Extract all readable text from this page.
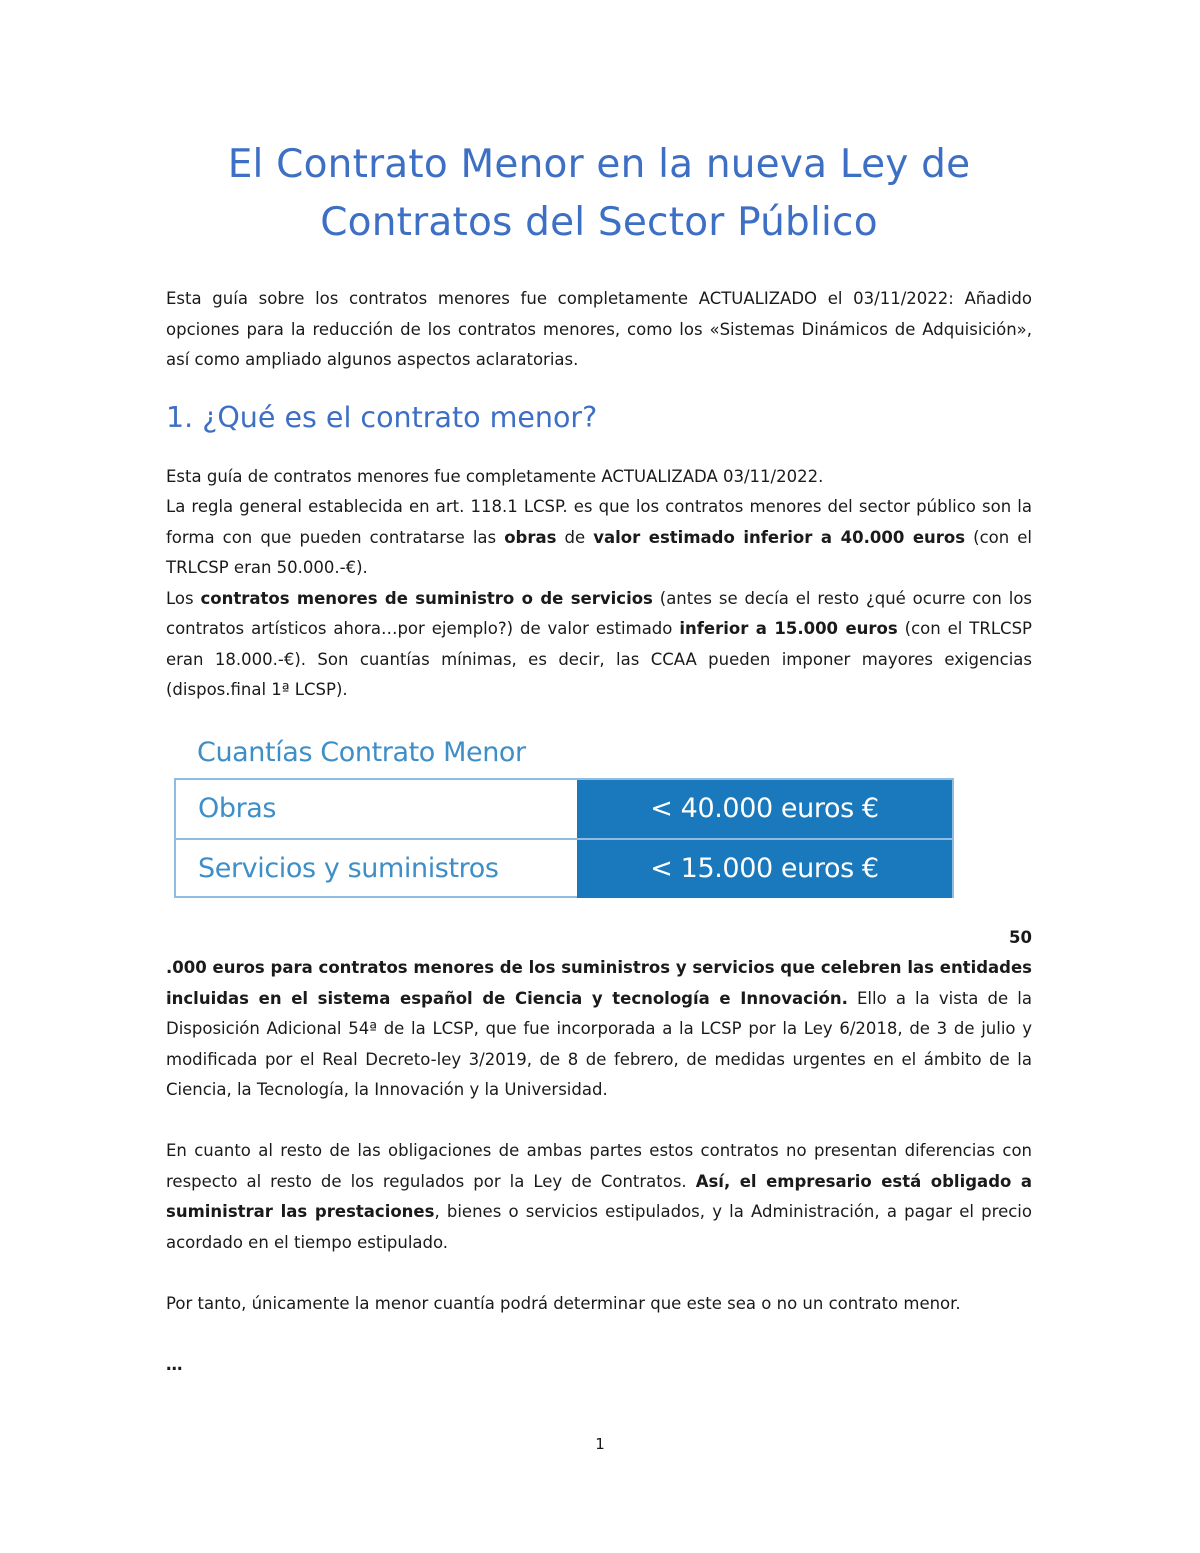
El Contrato Menor en la nueva Ley de
Contratos del Sector Público

Esta guía sobre los contratos menores fue completamente ACTUALIZADO el 03/11/2022: Añadido opciones para la reducción de los contratos menores, como los «Sistemas Dinámicos de Adquisición», así como ampliado algunos aspectos aclaratorias.

1. ¿Qué es el contrato menor?

Esta guía de contratos menores fue completamente ACTUALIZADA 03/11/2022.

La regla general establecida en art. 118.1 LCSP. es que los contratos menores del sector público son la forma con que pueden contratarse las obras de valor estimado inferior a 40.000 euros (con el TRLCSP eran 50.000.-€).

Los contratos menores de suministro o de servicios (antes se decía el resto ¿qué ocurre con los contratos artísticos ahora…por ejemplo?) de valor estimado inferior a 15.000 euros (con el TRLCSP eran 18.000.-€). Son cuantías mínimas, es decir, las CCAA pueden imponer mayores exigencias (dispos.final 1ª LCSP).

Cuantías Contrato Menor
Obras	< 40.000 euros €
Servicios y suministros	< 15.000 euros €

50

.000 euros para contratos menores de los suministros y servicios que celebren las entidades incluidas en el sistema español de Ciencia y tecnología e Innovación. Ello a la vista de la Disposición Adicional 54ª de la LCSP, que fue incorporada a la LCSP por la Ley 6/2018, de 3 de julio y modificada por el Real Decreto-ley 3/2019, de 8 de febrero, de medidas urgentes en el ámbito de la Ciencia, la Tecnología, la Innovación y la Universidad.

En cuanto al resto de las obligaciones de ambas partes estos contratos no presentan diferencias con respecto al resto de los regulados por la Ley de Contratos. Así, el empresario está obligado a suministrar las prestaciones, bienes o servicios estipulados, y la Administración, a pagar el precio acordado en el tiempo estipulado.

Por tanto, únicamente la menor cuantía podrá determinar que este sea o no un contrato menor.

…

1
